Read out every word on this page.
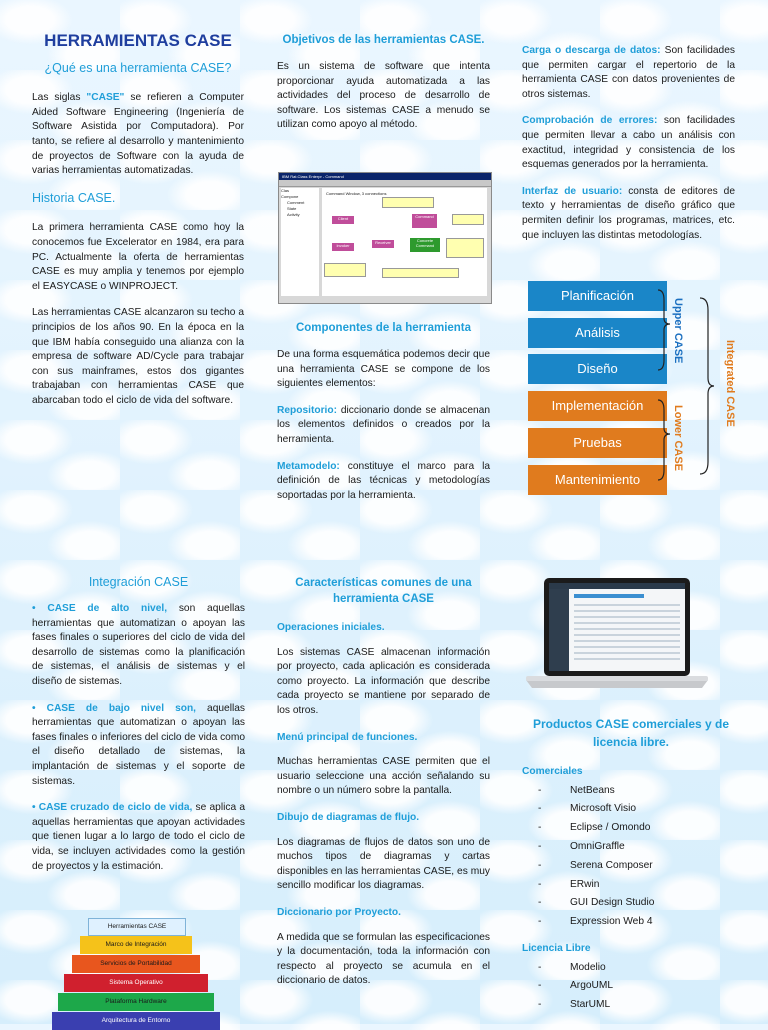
HERRAMIENTAS CASE
¿Qué es una herramienta CASE?

Las siglas "CASE" se refieren a Computer Aided Software Engineering (Ingeniería de Software Asistida por Computadora). Por tanto, se refiere al desarrollo y mantenimiento de proyectos de Software con la ayuda de varias herramientas automatizadas.

Historia CASE.

La primera herramienta CASE como hoy la conocemos fue Excelerator en 1984, era para PC. Actualmente la oferta de herramientas CASE es muy amplia y tenemos por ejemplo el EASYCASE o WINPROJECT.

Las herramientas CASE alcanzaron su techo a principios de los años 90. En la época en la que IBM había conseguido una alianza con la empresa de software AD/Cycle para trabajar con sus mainframes, estos dos gigantes trabajaban con herramientas CASE que abarcaban todo el ciclo de vida del software.

Objetivos de las herramientas CASE.

Es un sistema de software que intenta proporcionar ayuda automatizada a las actividades del proceso de desarrollo de software. Los sistemas CASE a menudo se utilizan como apoyo al método.

IBM Rat.Class Enterpr - Command
Clas
Compone
Comment
State
Activity
Command Window, 3 connections
Client	Command
Receiver	Concrete Command
Invoker
Componentes de la herramienta

De una forma esquemática podemos decir que una herramienta CASE se compone de los siguientes elementos:

Repositorio: diccionario donde se almacenan los elementos definidos o creados por la herramienta.

Metamodelo: constituye el marco para la definición de las técnicas y metodologías soportadas por la herramienta.

Carga o descarga de datos: Son facilidades que permiten cargar el repertorio de la herramienta CASE con datos provenientes de otros sistemas.

Comprobación de errores: son facilidades que permiten llevar a cabo un análisis con exactitud, integridad y consistencia de los esquemas generados por la herramienta.

Interfaz de usuario: consta de editores de texto y herramientas de diseño gráfico que permiten definir los programas, matrices, etc. que incluyen las distintas metodologías.

Planificación
Análisis
Diseño
Implementación
Pruebas
Mantenimiento
Upper CASE
Lower CASE
Integrated CASE
Integración CASE

• CASE de alto nivel, son aquellas herramientas que automatizan o apoyan las fases finales o superiores del ciclo de vida del desarrollo de sistemas como la planificación de sistemas, el análisis de sistemas y el diseño de sistemas.

• CASE de bajo nivel son, aquellas herramientas que automatizan o apoyan las fases finales o inferiores del ciclo de vida como el diseño detallado de sistemas, la implantación de sistemas y el soporte de sistemas.

• CASE cruzado de ciclo de vida, se aplica a aquellas herramientas que apoyan actividades que tienen lugar a lo largo de todo el ciclo de vida, se incluyen actividades como la gestión de proyectos y la estimación.

Herramientas CASE
Marco de Integración
Servicios de Portabilidad
Sistema Operativo
Plataforma Hardware
Arquitectura de Entorno
Características comunes de una herramienta CASE
Operaciones iniciales.

Los sistemas CASE almacenan información por proyecto, cada aplicación es considerada como proyecto. La información que describe cada proyecto se mantiene por separado de los otros.

Menú principal de funciones.

Muchas herramientas CASE permiten que el usuario seleccione una acción señalando su nombre o un número sobre la pantalla.

Dibujo de diagramas de flujo.

Los diagramas de flujos de datos son uno de muchos tipos de diagramas y cartas disponibles en las herramientas CASE, es muy sencillo modificar los diagramas.

Diccionario por Proyecto.

A medida que se formulan las especificaciones y la documentación, toda la información con respecto al proyecto se acumula en el diccionario de datos.

Productos CASE comerciales y de licencia libre.
Comerciales
-	NetBeans
-	Microsoft Visio
-	Eclipse / Omondo
-	OmniGraffle
-	Serena Composer
-	ERwin
-	GUI Design Studio
-	Expression Web 4
Licencia Libre
-	Modelio
-	ArgoUML
-	StarUML
